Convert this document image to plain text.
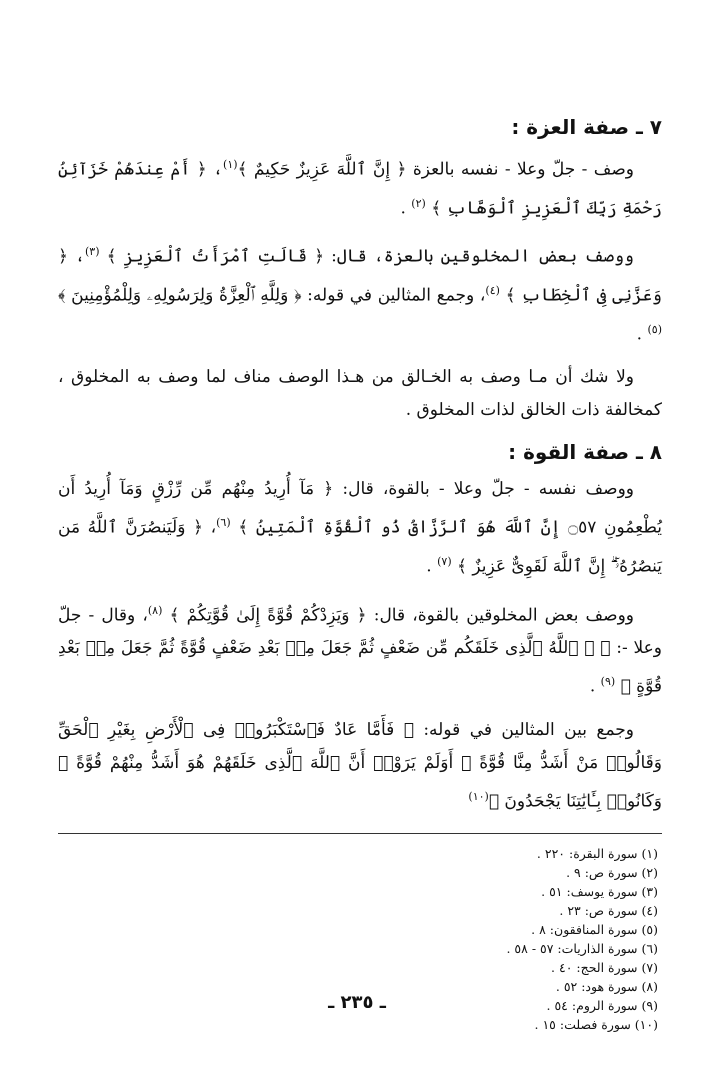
٧ ـ صفة العزة :

وصف - جلّ وعلا - نفسه بالعزة ﴿ إِنَّ ٱللَّهَ عَزِيزٌ حَكِيمٌ ﴾$^{(١)}$، ﴿ أَمْ عِندَهُمْ خَزَآئِنُ رَحْمَةِ رَبِّكَ ٱلْعَزِيزِ ٱلْوَهَّابِ ﴾ $^{(٢)}$ .

ووصف بعض المخلوقين بالعزة، قال: ﴿ قَالَتِ ٱمْرَأَتُ ٱلْعَزِيزِ ﴾ $^{(٣)}$، ﴿ وَعَزَّنِى فِى ٱلْخِطَابِ ﴾ $^{(٤)}$، وجمع المثالين في قوله: ﴿ وَلِلَّهِ ٱلْعِزَّةُ وَلِرَسُولِهِۦ وَلِلْمُؤْمِنِينَ ﴾ $^{(٥)}$ .

ولا شك أن مـا وصف به الخـالق من هـذا الوصف مناف لما وصف به المخلوق ، كمخالفة ذات الخالق لذات المخلوق .

٨ ـ صفة القوة :

ووصف نفسه - جلّ وعلا - بالقوة، قال: ﴿ مَآ أُرِيدُ مِنْهُم مِّن رِّزْقٍ وَمَآ أُرِيدُ أَن يُطْعِمُونِ ۝٥٧ إِنَّ ٱللَّهَ هُوَ ٱلرَّزَّاقُ ذُو ٱلْقُوَّةِ ٱلْمَتِينُ ﴾ $^{(٦)}$، ﴿ وَلَيَنصُرَنَّ ٱللَّهُ مَن يَنصُرُهُۥٓ ۗ إِنَّ ٱللَّهَ لَقَوِىٌّ عَزِيزٌ ﴾ $^{(٧)}$ .

ووصف بعض المخلوقين بالقوة، قال: ﴿ وَيَزِدْكُمْ قُوَّةً إِلَىٰ قُوَّتِكُمْ ﴾ $^{(٨)}$، وقال - جلّ وعلا -: ﴿ ۞ ٱللَّهُ ٱلَّذِى خَلَقَكُم مِّن ضَعْفٍ ثُمَّ جَعَلَ مِنۢ بَعْدِ ضَعْفٍ قُوَّةً ثُمَّ جَعَلَ مِنۢ بَعْدِ قُوَّةٍ ﴾ $^{(٩)}$ .

وجمع بين المثالين في قوله: ﴿ فَأَمَّا عَادٌ فَٱسْتَكْبَرُوا۟ فِى ٱلْأَرْضِ بِغَيْرِ ٱلْحَقِّ وَقَالُوا۟ مَنْ أَشَدُّ مِنَّا قُوَّةً ۖ أَوَلَمْ يَرَوْا۟ أَنَّ ٱللَّهَ ٱلَّذِى خَلَقَهُمْ هُوَ أَشَدُّ مِنْهُمْ قُوَّةً ۖ وَكَانُوا۟ بِـَٔايَٰتِنَا يَجْحَدُونَ ﴾$^{(١٠)}$

(١) سورة البقرة: ٢٢٠ .
(٢) سورة ص: ٩ .
(٣) سورة يوسف: ٥١ .
(٤) سورة ص: ٢٣ .
(٥) سورة المنافقون: ٨ .
(٦) سورة الذاريات: ٥٧ - ٥٨ .
(٧) سورة الحج: ٤٠ .
(٨) سورة هود: ٥٢ .
(٩) سورة الروم: ٥٤ .
(١٠) سورة فصلت: ١٥ .
ـ ٢٣٥ ـ
